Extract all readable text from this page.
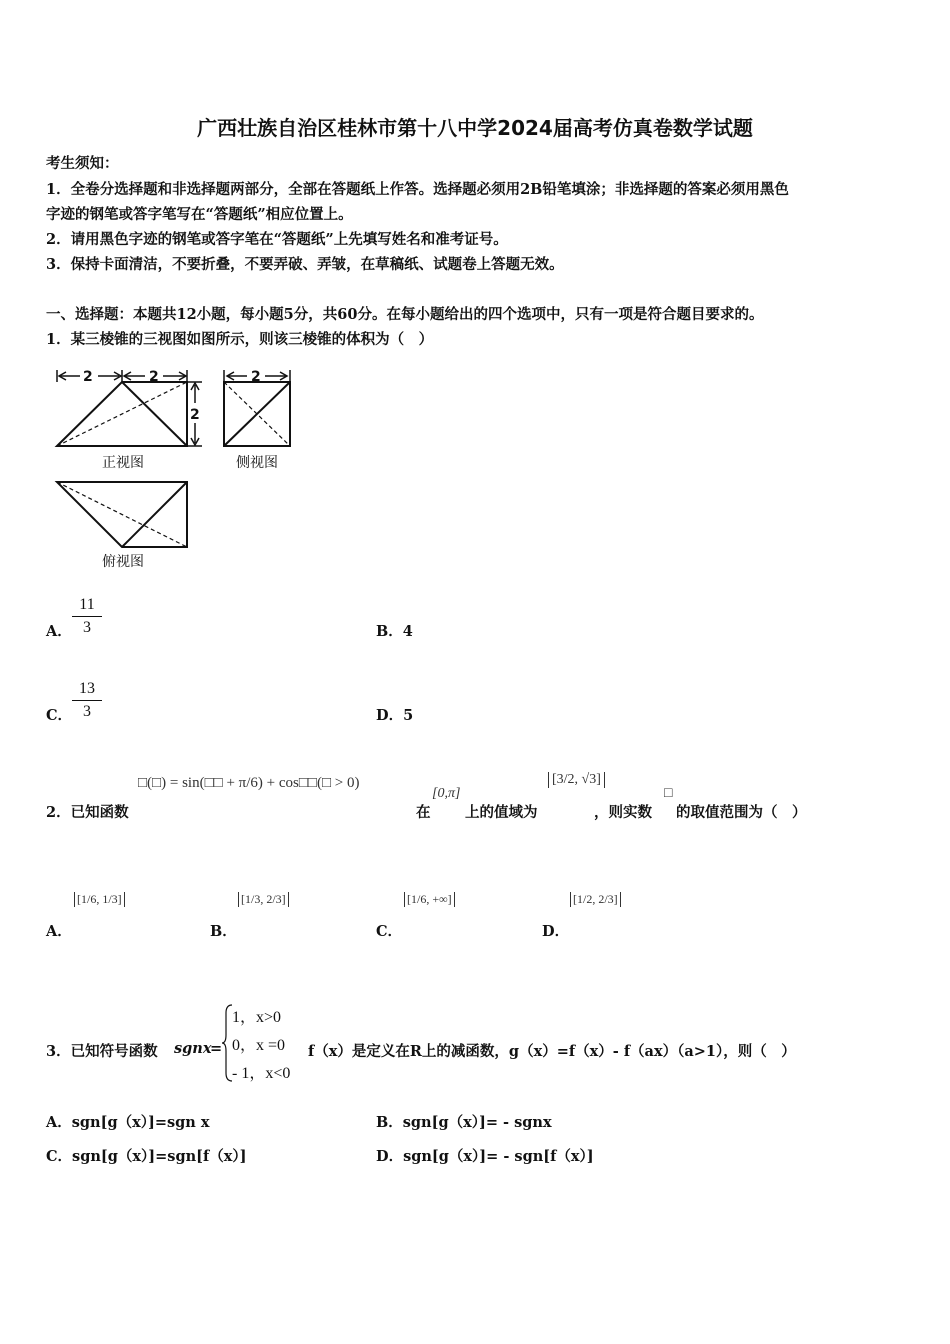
广西壮族自治区桂林市第十八中学2024届高考仿真卷数学试题
考生须知：
1．全卷分选择题和非选择题两部分，全部在答题纸上作答。选择题必须用2B铅笔填涂；非选择题的答案必须用黑色
字迹的钢笔或答字笔写在“答题纸”相应位置上。
2．请用黑色字迹的钢笔或答字笔在“答题纸”上先填写姓名和准考证号。
3．保持卡面清洁，不要折叠，不要弄破、弄皱，在草稿纸、试题卷上答题无效。
一、选择题：本题共12小题，每小题5分，共60分。在每小题给出的四个选项中，只有一项是符合题目要求的。
1．某三棱锥的三视图如图所示，则该三棱锥的体积为（　）
2	2
2
2
正视图	侧视图
俯视图
A． $\frac{11}{3}$	B．4
C． $\frac{13}{3}$	D．5
2．已知函数
□(□) = sin(□□ + π/6) + cos□□(□ > 0)
在
[0,π]
上的值域为
[3/2, √3]
，则实数
□
的取值范围为（　）
A．
[1/6, 1/3]
B．
[1/3, 2/3]
C．
[1/6, +∞]
D．
[1/2, 2/3]
3．已知符号函数 sgnx
=
1，x>0
0，x =0
- 1，x<0
f（x）是定义在R上的减函数，g（x）=f（x）- f（ax）（a>1），则（　）
A．sgn[g（x）]=sgn x	B．sgn[g（x）]= - sgnx
C．sgn[g（x）]=sgn[f（x）]	D．sgn[g（x）]= - sgn[f（x）]
